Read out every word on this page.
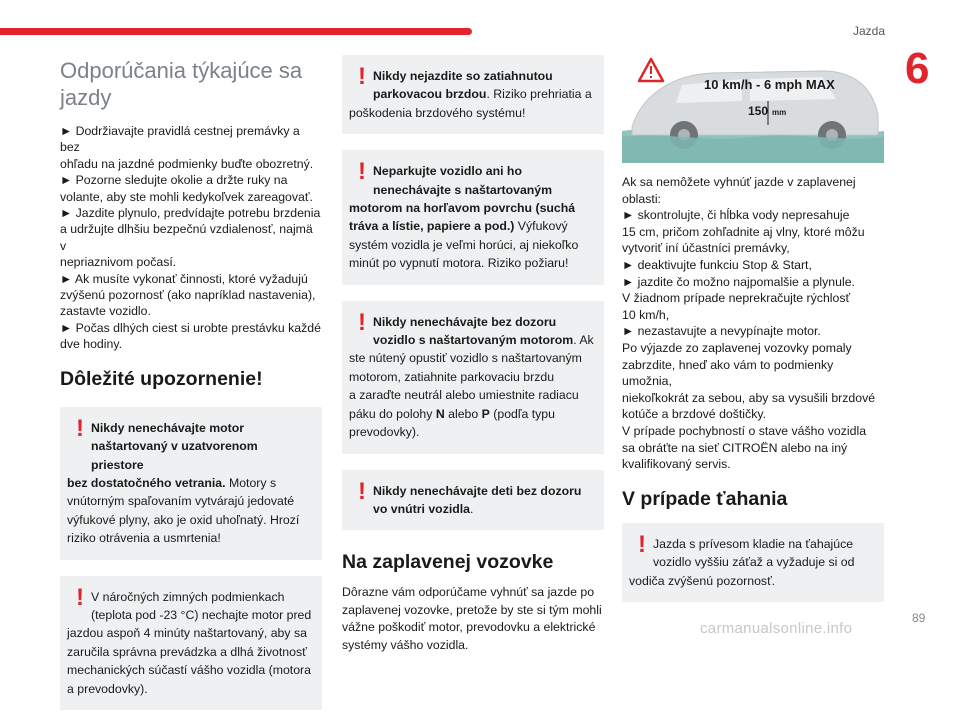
Jazda
6
Odporúčania týkajúce sa
jazdy
► Dodržiavajte pravidlá cestnej premávky a bez
ohľadu na jazdné podmienky buďte obozretný.
► Pozorne sledujte okolie a držte ruky na
volante, aby ste mohli kedykoľvek zareagovať.
► Jazdite plynulo, predvídajte potrebu brzdenia
a udržujte dlhšiu bezpečnú vzdialenosť, najmä v
nepriaznivom počasí.
► Ak musíte vykonať činnosti, ktoré vyžadujú
zvýšenú pozornosť (ako napríklad nastavenia),
zastavte vozidlo.
► Počas dlhých ciest si urobte prestávku každé
dve hodiny.
Dôležité upozornenie!
! Nikdy nenechávajte motor
naštartovaný v uzatvorenom priestore
bez dostatočného vetrania. Motory s
vnútorným spaľovaním vytvárajú jedovaté
výfukové plyny, ako je oxid uhoľnatý. Hrozí
riziko otrávenia a usmrtenia!
! V náročných zimných podmienkach
(teplota pod -23 °C) nechajte motor pred
jazdou aspoň 4 minúty naštartovaný, aby sa
zaručila správna prevádzka a dlhá životnosť
mechanických súčastí vášho vozidla (motora
a prevodovky).
! Nikdy nejazdite so zatiahnutou
parkovacou brzdou. Riziko prehriatia a
poškodenia brzdového systému!
! Neparkujte vozidlo ani ho
nenechávajte s naštartovaným
motorom na horľavom povrchu (suchá
tráva a lístie, papiere a pod.) Výfukový
systém vozidla je veľmi horúci, aj niekoľko
minút po vypnutí motora. Riziko požiaru!
! Nikdy nenechávajte bez dozoru
vozidlo s naštartovaným motorom. Ak
ste nútený opustiť vozidlo s naštartovaným
motorom, zatiahnite parkovaciu brzdu
a zaraďte neutrál alebo umiestnite radiacu
páku do polohy N alebo P (podľa typu
prevodovky).
! Nikdy nenechávajte deti bez dozoru
vo vnútri vozidla.
Na zaplavenej vozovke
Dôrazne vám odporúčame vyhnúť sa jazde po
zaplavenej vozovke, pretože by ste si tým mohli
vážne poškodiť motor, prevodovku a elektrické
systémy vášho vozidla.
10 km/h - 6 mph MAX
150 mm
Ak sa nemôžete vyhnúť jazde v zaplavenej
oblasti:
► skontrolujte, či hĺbka vody nepresahuje
15 cm, pričom zohľadnite aj vlny, ktoré môžu
vytvoriť iní účastníci premávky,
► deaktivujte funkciu Stop & Start,
► jazdite čo možno najpomalšie a plynule.
V žiadnom prípade neprekračujte rýchlosť
10 km/h,
► nezastavujte a nevypínajte motor.
Po výjazde zo zaplavenej vozovky pomaly
zabrzdite, hneď ako vám to podmienky umožnia,
niekoľkokrát za sebou, aby sa vysušili brzdové
kotúče a brzdové doštičky.
V prípade pochybností o stave vášho vozidla
sa obráťte na sieť CITROËN alebo na iný
kvalifikovaný servis.
V prípade ťahania
! Jazda s prívesom kladie na ťahajúce
vozidlo vyššiu záťaž a vyžaduje si od
vodiča zvýšenú pozornosť.
carmanualsonline.info
89
